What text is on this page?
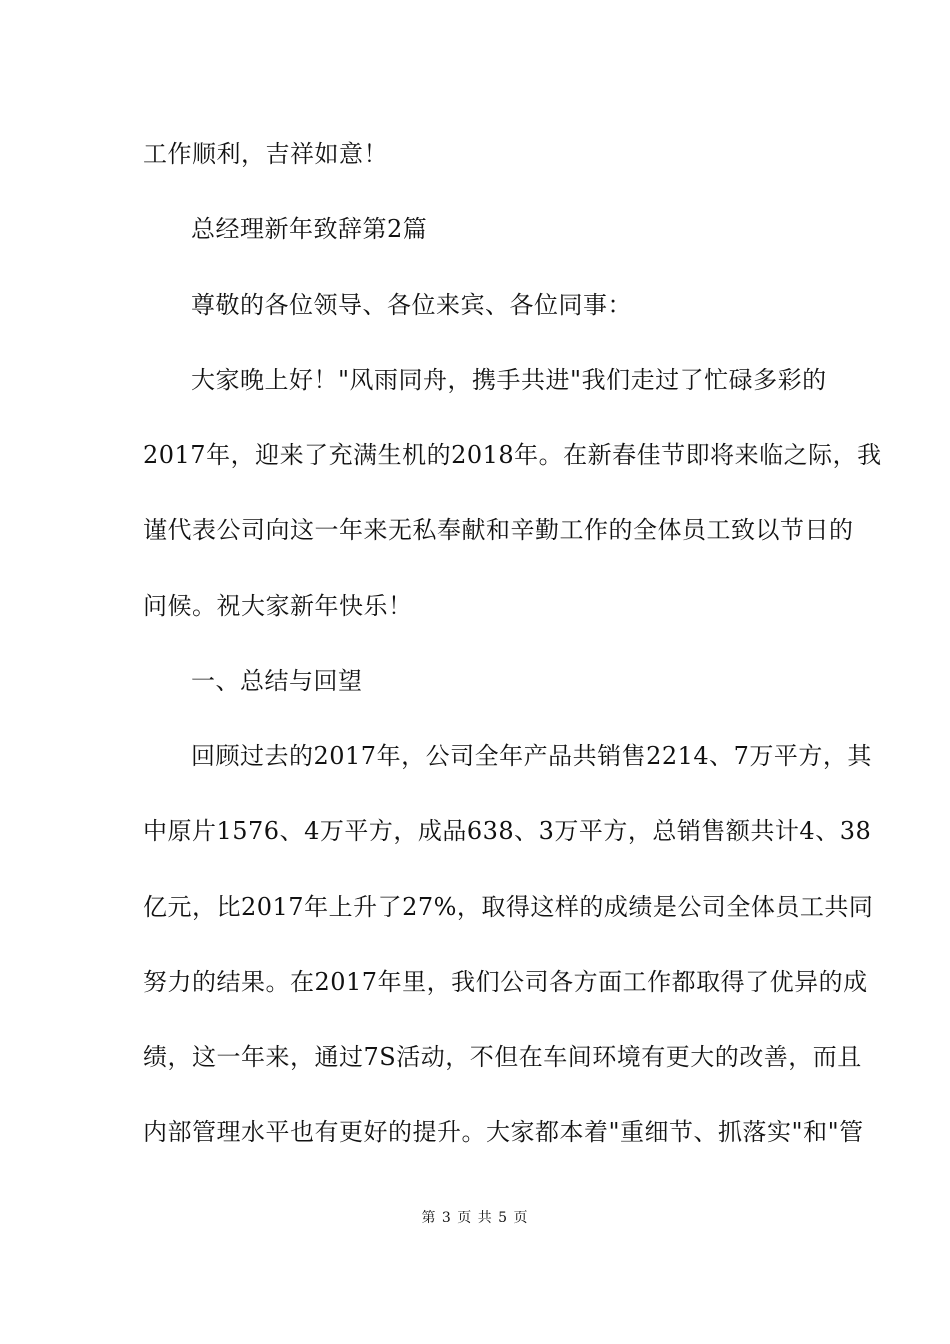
工作顺利，吉祥如意！
总经理新年致辞第2篇
尊敬的各位领导、各位来宾、各位同事：
大家晚上好！"风雨同舟，携手共进"我们走过了忙碌多彩的
2017年，迎来了充满生机的2018年。在新春佳节即将来临之际，我
谨代表公司向这一年来无私奉献和辛勤工作的全体员工致以节日的
问候。祝大家新年快乐！
一、总结与回望
回顾过去的2017年，公司全年产品共销售2214、7万平方，其
中原片1576、4万平方，成品638、3万平方，总销售额共计4、38
亿元，比2017年上升了27%，取得这样的成绩是公司全体员工共同
努力的结果。在2017年里，我们公司各方面工作都取得了优异的成
绩，这一年来，通过7S活动，不但在车间环境有更大的改善，而且
内部管理水平也有更好的提升。大家都本着"重细节、抓落实"和"管
第 3 页 共 5 页
